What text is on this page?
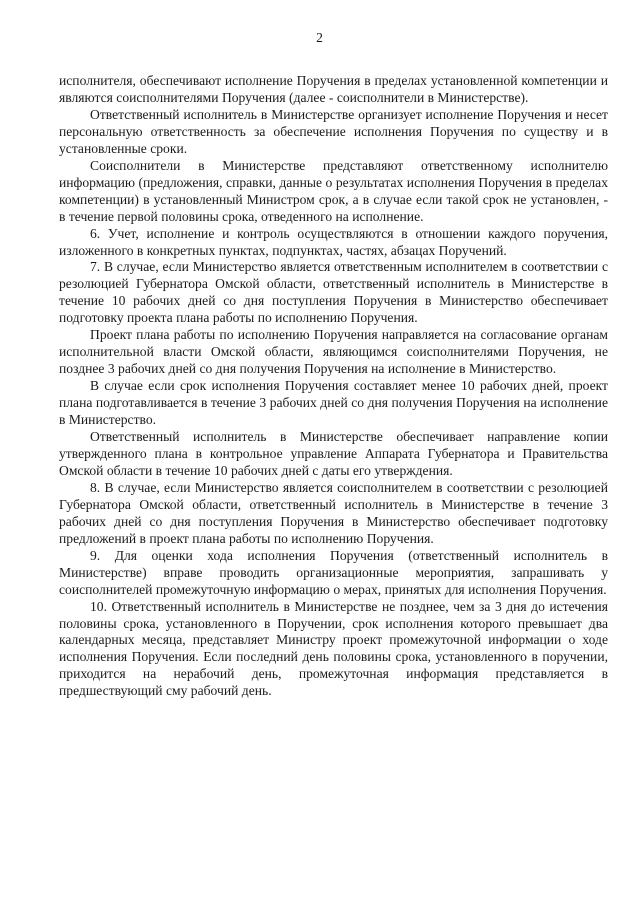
2

исполнителя, обеспечивают исполнение Поручения в пределах установленной компетенции и являются соисполнителями Поручения (далее - соисполнители в Министерстве).

Ответственный исполнитель в Министерстве организует исполнение Поручения и несет персональную ответственность за обеспечение исполнения Поручения по существу и в установленные сроки.

Соисполнители в Министерстве представляют ответственному исполнителю информацию (предложения, справки, данные о результатах исполнения Поручения в пределах компетенции) в установленный Министром срок, а в случае если такой срок не установлен, - в течение первой половины срока, отведенного на исполнение.

6. Учет, исполнение и контроль осуществляются в отношении каждого поручения, изложенного в конкретных пунктах, подпунктах, частях, абзацах Поручений.

7. В случае, если Министерство является ответственным исполнителем в соответствии с резолюцией Губернатора Омской области, ответственный исполнитель в Министерстве в течение 10 рабочих дней со дня поступления Поручения в Министерство обеспечивает подготовку проекта плана работы по исполнению Поручения.

Проект плана работы по исполнению Поручения направляется на согласование органам исполнительной власти Омской области, являющимся соисполнителями Поручения, не позднее 3 рабочих дней со дня получения Поручения на исполнение в Министерство.

В случае если срок исполнения Поручения составляет менее 10 рабочих дней, проект плана подготавливается в течение 3 рабочих дней со дня получения Поручения на исполнение в Министерство.

Ответственный исполнитель в Министерстве обеспечивает направление копии утвержденного плана в контрольное управление Аппарата Губернатора и Правительства Омской области в течение 10 рабочих дней с даты его утверждения.

8. В случае, если Министерство является соисполнителем в соответствии с резолюцией Губернатора Омской области, ответственный исполнитель в Министерстве в течение 3 рабочих дней со дня поступления Поручения в Министерство обеспечивает подготовку предложений в проект плана работы по исполнению Поручения.

9. Для оценки хода исполнения Поручения (ответственный исполнитель в Министерстве) вправе проводить организационные мероприятия, запрашивать у соисполнителей промежуточную информацию о мерах, принятых для исполнения Поручения.

10. Ответственный исполнитель в Министерстве не позднее, чем за 3 дня до истечения половины срока, установленного в Поручении, срок исполнения которого превышает два календарных месяца, представляет Министру проект промежуточной информации о ходе исполнения Поручения. Если последний день половины срока, установленного в поручении, приходится на нерабочий день, промежуточная информация представляется в предшествующий сму рабочий день.
